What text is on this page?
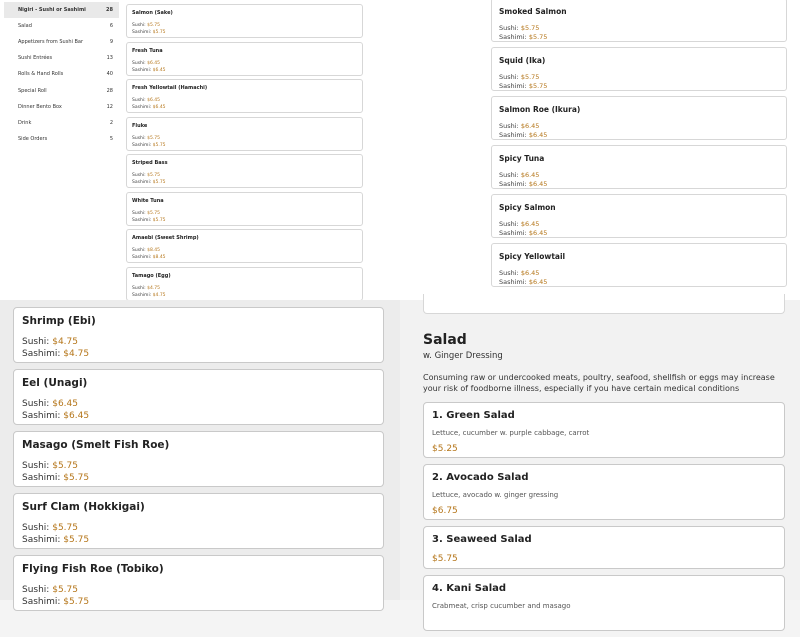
Nigiri - Sushi or Sashimi	28
Salad	6
Appetizers from Sushi Bar	9
Sushi Entrées	13
Rolls & Hand Rolls	40
Special Roll	28
Dinner Bento Box	12
Drink	2
Side Orders	5
Salmon (Sake)
Sushi: $5.75
Sashimi: $5.75
Fresh Tuna
Sushi: $6.45
Sashimi: $6.45
Fresh Yellowtail (Hamachi)
Sushi: $6.45
Sashimi: $6.45
Fluke
Sushi: $5.75
Sashimi: $5.75
Striped Bass
Sushi: $5.75
Sashimi: $5.75
White Tuna
Sushi: $5.75
Sashimi: $5.75
Amaebi (Sweet Shrimp)
Sushi: $8.45
Sashimi: $8.45
Tamago (Egg)
Sushi: $4.75
Sashimi: $4.75
Smoked Salmon
Sushi: $5.75
Sashimi: $5.75
Squid (Ika)
Sushi: $5.75
Sashimi: $5.75
Salmon Roe (Ikura)
Sushi: $6.45
Sashimi: $6.45
Spicy Tuna
Sushi: $6.45
Sashimi: $6.45
Spicy Salmon
Sushi: $6.45
Sashimi: $6.45
Spicy Yellowtail
Sushi: $6.45
Sashimi: $6.45
Shrimp (Ebi)
Sushi: $4.75
Sashimi: $4.75
Eel (Unagi)
Sushi: $6.45
Sashimi: $6.45
Masago (Smelt Fish Roe)
Sushi: $5.75
Sashimi: $5.75
Surf Clam (Hokkigai)
Sushi: $5.75
Sashimi: $5.75
Flying Fish Roe (Tobiko)
Sushi: $5.75
Sashimi: $5.75
Salad
w. Ginger Dressing
Consuming raw or undercooked meats, poultry, seafood, shellfish or eggs may increase your risk of foodborne illness, especially if you have certain medical conditions
1. Green Salad
Lettuce, cucumber w. purple cabbage, carrot
$5.25
2. Avocado Salad
Lettuce, avocado w. ginger gressing
$6.75
3. Seaweed Salad
$5.75
4. Kani Salad
Crabmeat, crisp cucumber and masago
